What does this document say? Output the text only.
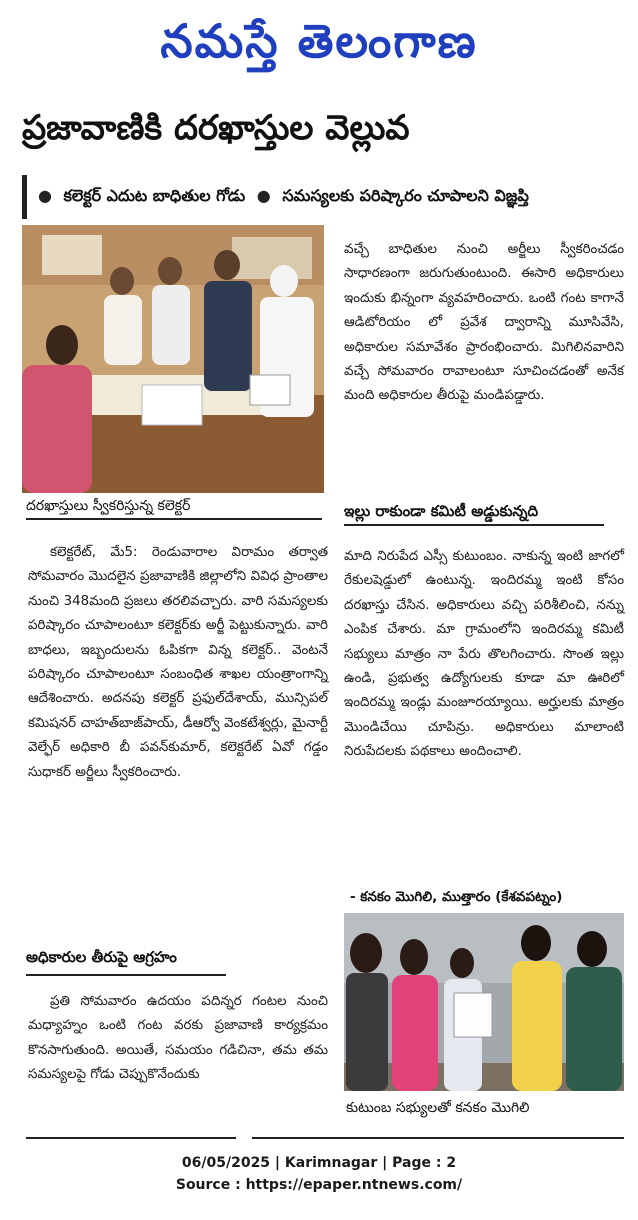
నమస్తే తెలంగాణ
ప్రజావాణికి దరఖాస్తుల వెల్లువ
● కలెక్టర్ ఎదుట బాధితుల గోడు ● సమస్యలకు పరిష్కారం చూపాలని విజ్ఞప్తి
దరఖాస్తులు స్వీకరిస్తున్న కలెక్టర్

కలెక్టరేట్, మే5: రెండువారాల విరామం తర్వాత సోమవారం మొదలైన ప్రజావాణికి జిల్లాలోని వివిధ ప్రాంతాల నుంచి 348మంది ప్రజలు తరలివచ్చారు. వారి సమస్యలకు పరిష్కారం చూపాలంటూ కలెక్టర్‌కు అర్జీ పెట్టుకున్నారు. వారి బాధలు, ఇబ్బందులను ఓపికగా విన్న కలెక్టర్.. వెంటనే పరిష్కారం చూపాలంటూ సంబంధిత శాఖల యంత్రాంగాన్ని ఆదేశించారు. అదనపు కలెక్టర్ ప్రఫుల్‌దేశాయ్, మున్సిపల్ కమిషనర్ చాహత్‌బాజ్‌పాయ్, డీఆర్వో వెంకటేశ్వర్లు, మైనార్టీ వెల్ఫేర్ అధికారి బీ పవన్‌కుమార్, కలెక్టరేట్ ఏవో గడ్డం సుధాకర్ అర్జీలు స్వీకరించారు.

అధికారుల తీరుపై ఆగ్రహం

ప్రతి సోమవారం ఉదయం పదిన్నర గంటల నుంచి మధ్యాహ్నం ఒంటి గంట వరకు ప్రజావాణి కార్యక్రమం కొనసాగుతుంది. అయితే, సమయం గడిచినా, తమ తమ సమస్యలపై గోడు చెప్పుకొనేందుకు

వచ్చే బాధితుల నుంచి అర్జీలు స్వీకరించడం సాధారణంగా జరుగుతుంటుంది. ఈసారి అధికారులు ఇందుకు భిన్నంగా వ్యవహరించారు. ఒంటి గంట కాగానే ఆడిటోరియం లో ప్రవేశ ద్వారాన్ని మూసివేసి, అధికారుల సమావేశం ప్రారంభించారు. మిగిలినవారిని వచ్చే సోమవారం రావాలంటూ సూచించడంతో అనేక మంది అధికారుల తీరుపై మండిపడ్డారు.

ఇల్లు రాకుండా కమిటీ అడ్డుకున్నది

మాది నిరుపేద ఎస్సీ కుటుంబం. నాకున్న ఇంటి జాగలో రేకులషెడ్డులో ఉంటున్న. ఇందిరమ్మ ఇంటి కోసం దరఖాస్తు చేసిన. అధికారులు వచ్చి పరిశీలించి, నన్ను ఎంపిక చేశారు. మా గ్రామంలోని ఇందిరమ్మ కమిటీ సభ్యులు మాత్రం నా పేరు తొలగించారు. సొంత ఇల్లు ఉండి, ప్రభుత్వ ఉద్యోగులకు కూడా మా ఊరిలో ఇందిరమ్మ ఇండ్లు మంజూరయ్యాయి. అర్హులకు మాత్రం మొండిచేయి చూపిన్రు. అధికారులు మాలాంటి నిరుపేదలకు పథకాలు అందించాలి.

- కనకం మొగిలి, ముత్తారం (కేశవపట్నం)
కుటుంబ సభ్యులతో కనకం మొగిలి
06/05/2025 | Karimnagar | Page : 2
Source : https://epaper.ntnews.com/
